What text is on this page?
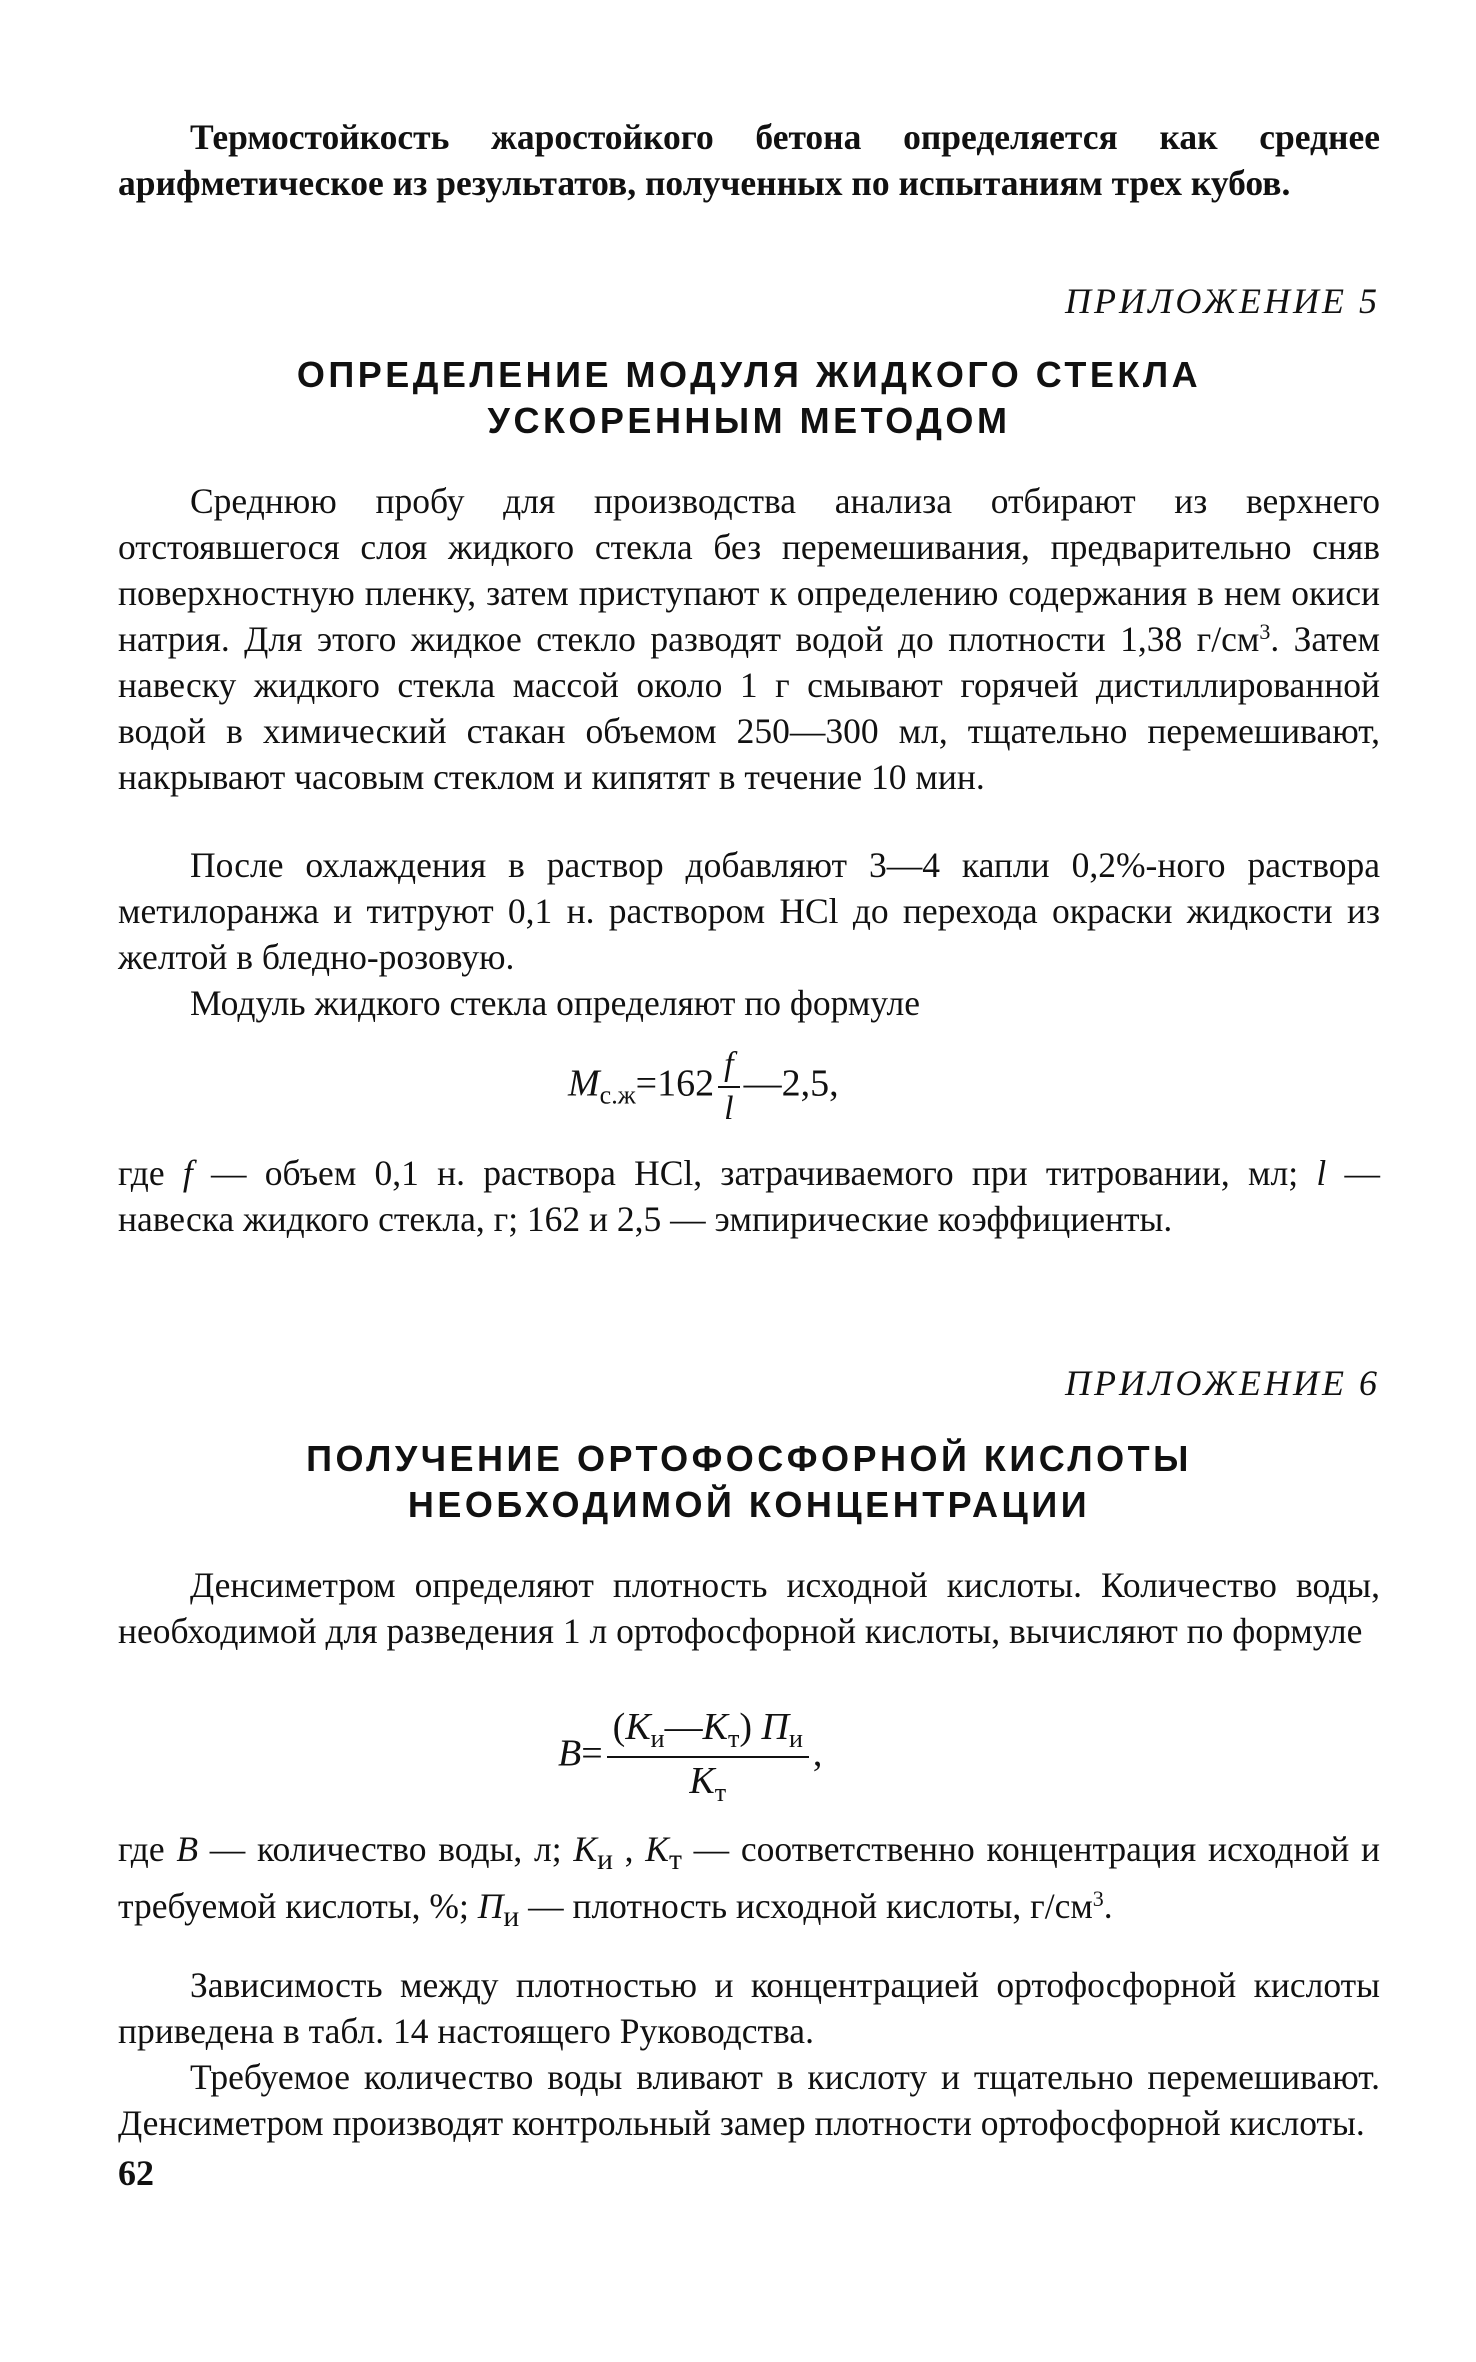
Термостойкость жаростойкого бетона определяется как среднее арифметическое из результатов, полученных по испытаниям трех кубов.

ПРИЛОЖЕНИЕ 5

ОПРЕДЕЛЕНИЕ МОДУЛЯ ЖИДКОГО СТЕКЛА
УСКОРЕННЫМ МЕТОДОМ

Среднюю пробу для производства анализа отбирают из верхнего отстоявшегося слоя жидкого стекла без перемешивания, предварительно сняв поверхностную пленку, затем приступают к определению содержания в нем окиси натрия. Для этого жидкое стекло разводят водой до плотности 1,38 $г/см^3$. Затем навеску жидкого стекла массой около 1 г смывают горячей дистиллированной водой в химический стакан объемом 250—300 мл, тщательно перемешивают, накрывают часовым стеклом и кипятят в течение 10 мин.

После охлаждения в раствор добавляют 3—4 капли 0,2%-ного раствора метилоранжа и титруют 0,1 н. раствором HCl до перехода окраски жидкости из желтой в бледно-розовую.

Модуль жидкого стекла определяют по формуле

$M_{с.ж}=162 \frac{f}{l}$ —2,5,

где f — объем 0,1 н. раствора HCl, затрачиваемого при титровании, мл; l — навеска жидкого стекла, г; 162 и 2,5 — эмпирические коэффициенты.

ПРИЛОЖЕНИЕ 6

ПОЛУЧЕНИЕ ОРТОФОСФОРНОЙ КИСЛОТЫ
НЕОБХОДИМОЙ КОНЦЕНТРАЦИИ

Денсиметром определяют плотность исходной кислоты. Количество воды, необходимой для разведения 1 л ортофосфорной кислоты, вычисляют по формуле

$B= \frac{(K_и—K_т) П_и}{K_т}$ ,

где B — количество воды, л; $K_и$ , $K_т$ — соответственно концентрация исходной и требуемой кислоты, %; $П_и$ — плотность исходной кислоты, $г/см^3$.

Зависимость между плотностью и концентрацией ортофосфорной кислоты приведена в табл. 14 настоящего Руководства.

Требуемое количество воды вливают в кислоту и тщательно перемешивают. Денсиметром производят контрольный замер плотности ортофосфорной кислоты.

62
